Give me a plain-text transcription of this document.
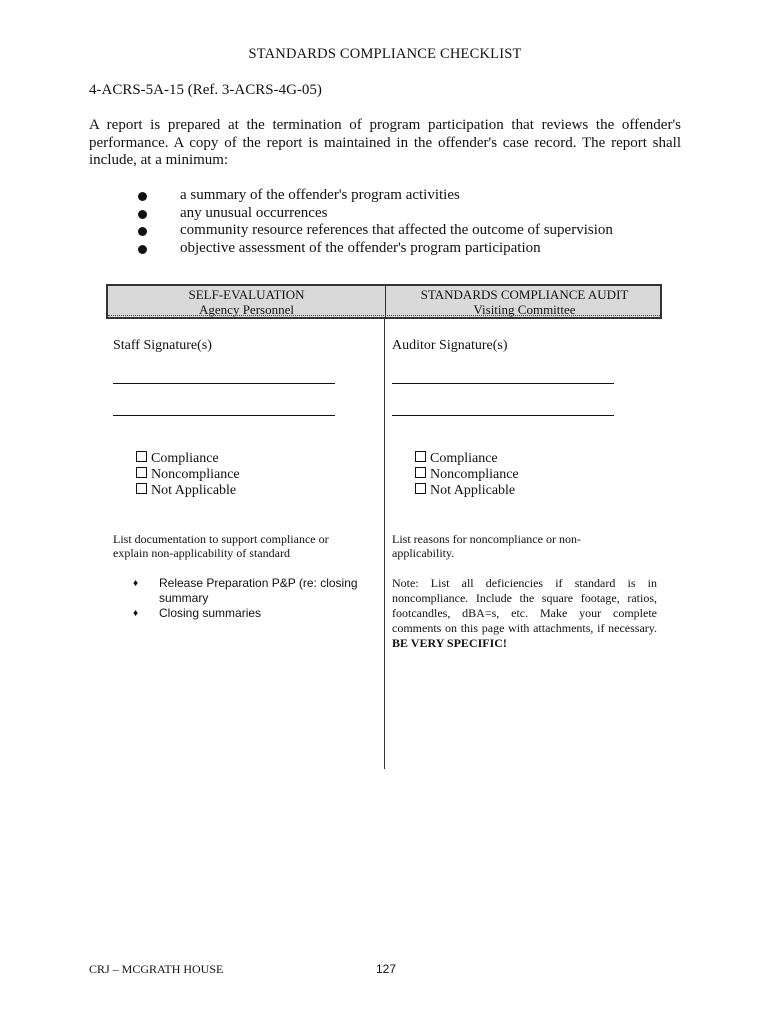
STANDARDS COMPLIANCE CHECKLIST
4-ACRS-5A-15 (Ref. 3-ACRS-4G-05)
A report is prepared at the termination of program participation that reviews the offender's performance. A copy of the report is maintained in the offender's case record. The report shall include, at a minimum:
a summary of the offender's program activities
any unusual occurrences
community resource references that affected the outcome of supervision
objective assessment of the offender's program participation
SELF-EVALUATION
Agency Personnel
STANDARDS COMPLIANCE AUDIT
Visiting Committee
Staff Signature(s)
Compliance
Noncompliance
Not Applicable
List documentation to support compliance or explain non-applicability of standard
♦ Release Preparation P&P (re: closing summary
♦ Closing summaries
Auditor Signature(s)
Compliance
Noncompliance
Not Applicable
List reasons for noncompliance or non-applicability.
Note: List all deficiencies if standard is in noncompliance. Include the square footage, ratios, footcandles, dBA=s, etc. Make your complete comments on this page with attachments, if necessary. BE VERY SPECIFIC!
CRJ – MCGRATH HOUSE	127
